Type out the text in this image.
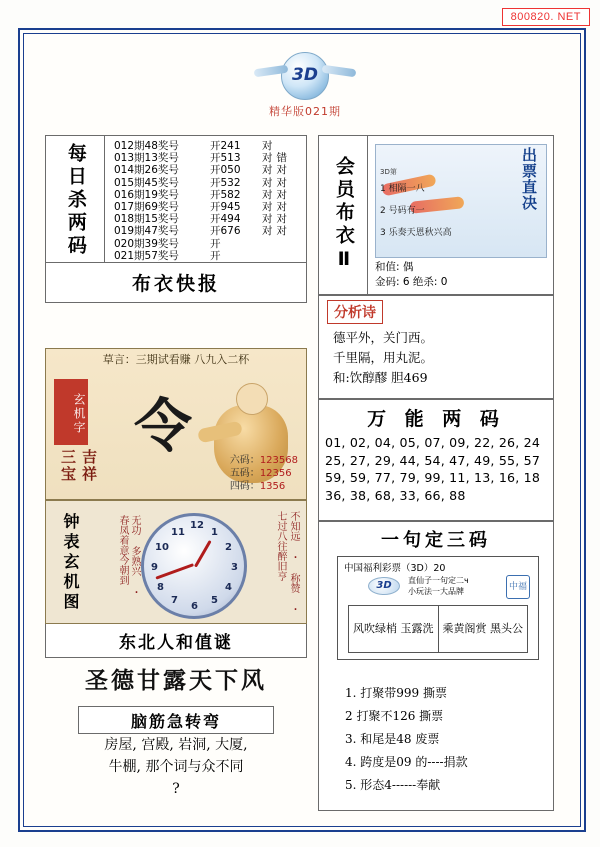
800820. NET
3D
精华版021期
每日杀两码	012期48奖号	开241	对
013期13奖号	开513	对错
014期26奖号	开050	对对
015期45奖号	开532	对对
016期19奖号	开582	对对
017期69奖号	开945	对对
018期15奖号	开494	对对
019期47奖号	开676	对对
020期39奖号	开
021期57奖号	开
布衣快报
草言：三期试看赚 八九入二杯
玄机字
吉祥三宝
令
六码：123568
五码：12356
四码：1356
钟表玄机图	无功 多熟兴 ・ 春凤着意今朝到	12
1
2
3
4
5
6
7
8
9
10
11	不知远 ・ 称赞 ・ 七过八往醉旧亨
东北人和值谜
圣德甘露天下风
脑筋急转弯
房屋, 宫殿, 岩洞, 大厦,
牛棚, 那个词与众不同
?
会员布衣Ⅱ	出票直决
3D第
1 相隔一八
2 号码有一
3 乐奏天恩秋兴高
和值: 偶
金码: 6 绝杀: 0
分析诗
德平外，关门西。
千里隔，用丸泥。
和:饮醇醪 胆469
万 能 两 码
01, 02, 04, 05, 07, 09, 22, 26, 24
25, 27, 29, 44, 54, 47, 49, 55, 57
59, 59, 77, 79, 99, 11, 13, 16, 18
36, 38, 68, 33, 66, 88
一句定三码
中国福利彩票（3D）20
3D	直仙子一句定二ч
小玩法一大品牌	中福
风吹绿梢 玉露洗 乘黄阁赏 黑头公
1. 打聚带999 撕票
2 打聚不126 撕票
3. 和尾是48 废票
4. 跨度是09 的----捐款
5. 形态4------奉献
